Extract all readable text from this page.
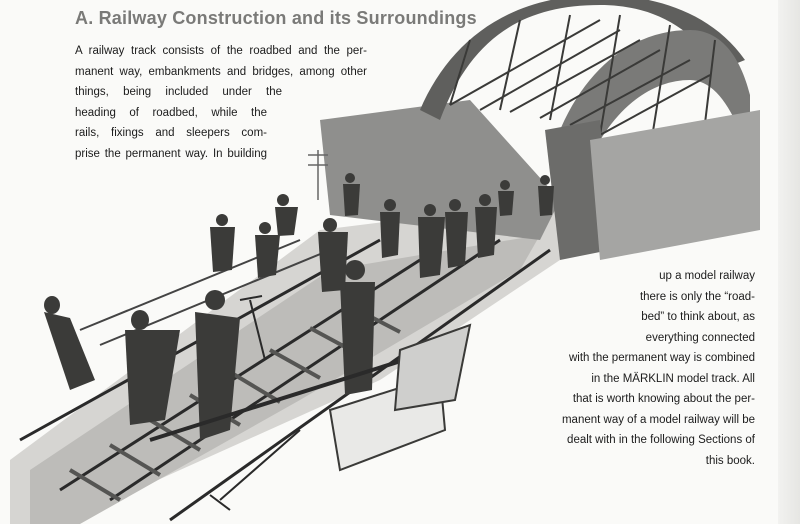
A. Railway Construction and its Surroundings
A railway track consists of the roadbed and the per-
manent way, embankments and bridges, among other
things, being included under the
heading of roadbed, while the
rails, fixings and sleepers com-
prise the permanent way. In building
up a model railway
there is only the “road-
bed” to think about, as
everything connected
with the permanent way is combined
in the MÄRKLIN model track. All
that is worth knowing about the per-
manent way of a model railway will be
dealt with in the following Sections of
this book.
